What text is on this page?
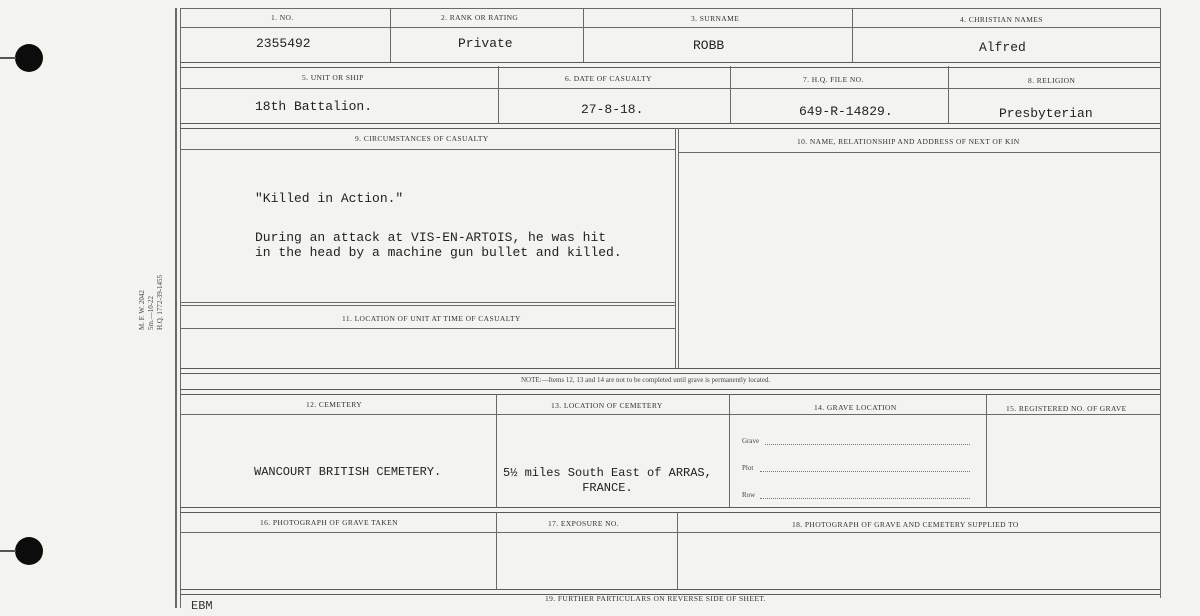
M. F. W. 2042 5m.—10-22 H.Q. 1772-39-1455
1. NO.	2. RANK OR RATING	3. SURNAME	4. CHRISTIAN NAMES
2355492	Private	ROBB	Alfred
5. UNIT OR SHIP	6. DATE OF CASUALTY	7. H.Q. FILE NO.	8. RELIGION
18th Battalion.	27-8-18.	649-R-14829.	Presbyterian
9. CIRCUMSTANCES OF CASUALTY	10. NAME, RELATIONSHIP AND ADDRESS OF NEXT OF KIN
"Killed in Action."
During an attack at VIS-EN-ARTOIS, he was hit
in the head by a machine gun bullet and killed.
11. LOCATION OF UNIT AT TIME OF CASUALTY
NOTE:—Items 12, 13 and 14 are not to be completed until grave is permanently located.
12. CEMETERY	13. LOCATION OF CEMETERY	14. GRAVE LOCATION	15. REGISTERED NO. OF GRAVE
WANCOURT BRITISH CEMETERY.	5½ miles South East of ARRAS,
FRANCE.
Grave
Plot
Row
16. PHOTOGRAPH OF GRAVE TAKEN	17. EXPOSURE NO.	18. PHOTOGRAPH OF GRAVE AND CEMETERY SUPPLIED TO
19. FURTHER PARTICULARS ON REVERSE SIDE OF SHEET.
EBM
